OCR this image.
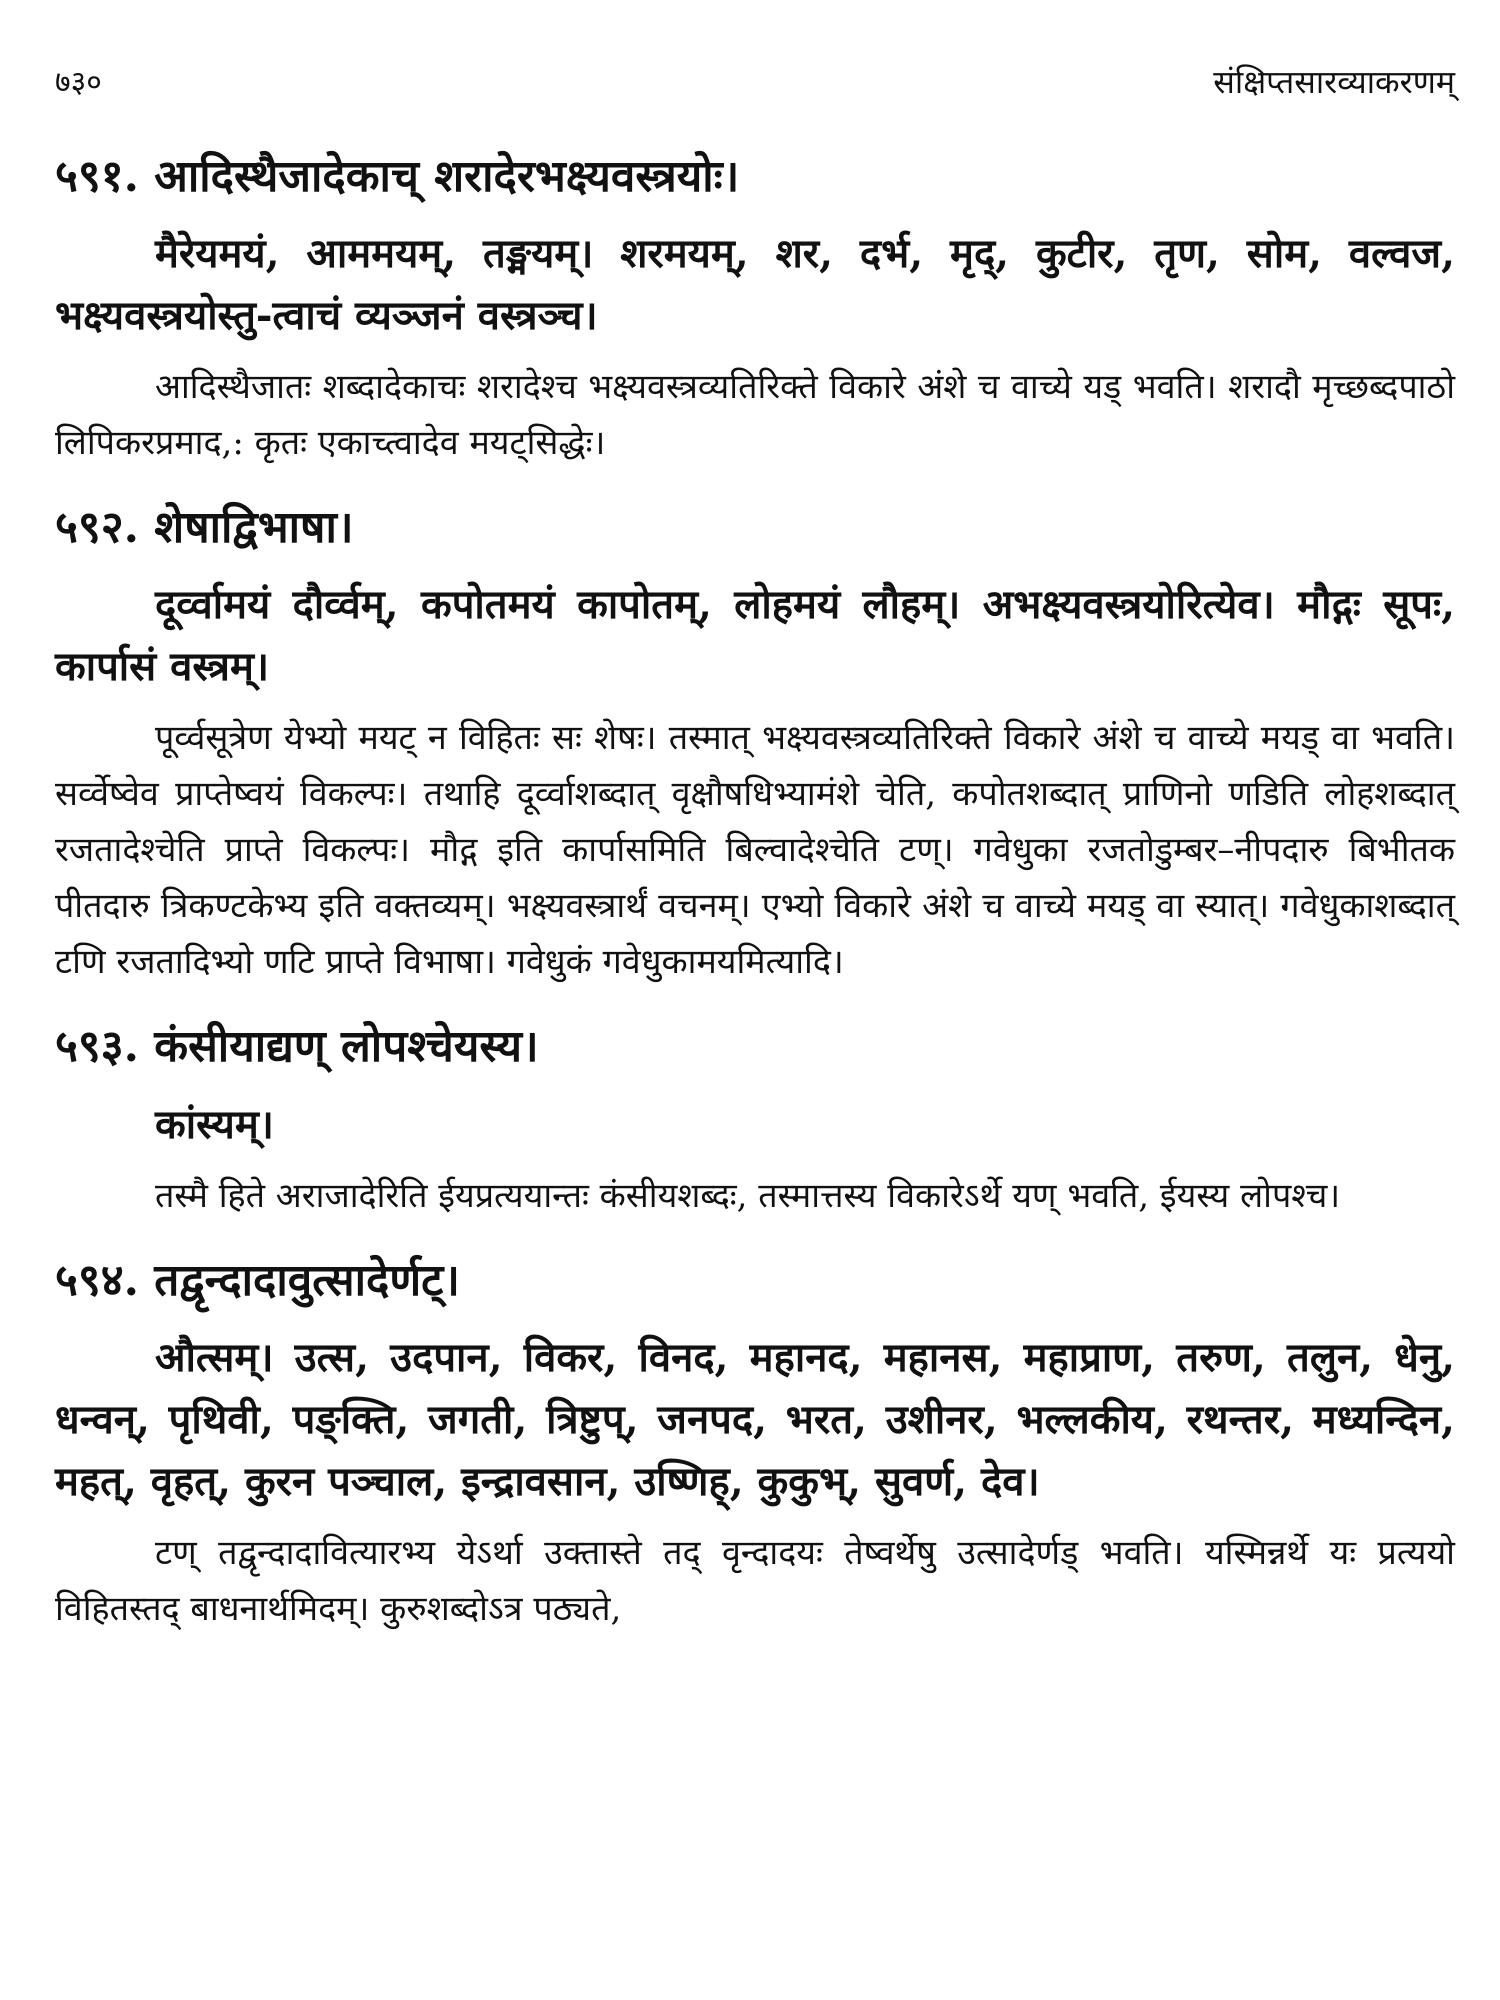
७३०	संक्षिप्तसारव्याकरणम्

५९१. आदिस्थैजादेकाच् शरादेरभक्ष्यवस्त्रयोः।

मैरेयमयं, आममयम्, तङ्मयम्। शरमयम्, शर, दर्भ, मृद्, कुटीर, तृण, सोम, वल्वज, भक्ष्यवस्त्रयोस्तु-त्वाचं व्यञ्जनं वस्त्रञ्च।

आदिस्थैजातः शब्दादेकाचः शरादेश्च भक्ष्यवस्त्रव्यतिरिक्ते विकारे अंशे च वाच्ये यड् भवति। शरादौ मृच्छब्दपाठो लिपिकरप्रमाद,: कृतः एकाच्त्वादेव मयट्सिद्धेः।

५९२. शेषाद्विभाषा।

दूर्व्वामयं दौर्व्वम्, कपोतमयं कापोतम्, लोहमयं लौहम्। अभक्ष्यवस्त्रयोरित्येव। मौद्गः सूपः, कार्पासं वस्त्रम्।

पूर्व्वसूत्रेण येभ्यो मयट् न विहितः सः शेषः। तस्मात् भक्ष्यवस्त्रव्यतिरिक्ते विकारे अंशे च वाच्ये मयड् वा भवति। सर्व्वेष्वेव प्राप्तेष्वयं विकल्पः। तथाहि दूर्व्वाशब्दात् वृक्षौषधिभ्यामंशे चेति, कपोतशब्दात् प्राणिनो णडिति लोहशब्दात् रजतादेश्चेति प्राप्ते विकल्पः। मौद्ग इति कार्पासमिति बिल्वादेश्चेति टण्। गवेधुका रजतोडुम्बर–नीपदारु बिभीतक पीतदारु त्रिकण्टकेभ्य इति वक्तव्यम्। भक्ष्यवस्त्रार्थं वचनम्। एभ्यो विकारे अंशे च वाच्ये मयड् वा स्यात्। गवेधुकाशब्दात् टणि रजतादिभ्यो णटि प्राप्ते विभाषा। गवेधुकं गवेधुकामयमित्यादि।

५९३. कंसीयाद्यण् लोपश्चेयस्य।

कांस्यम्।

तस्मै हिते अराजादेरिति ईयप्रत्ययान्तः कंसीयशब्दः, तस्मात्तस्य विकारेऽर्थे यण् भवति, ईयस्य लोपश्च।

५९४. तद्वृन्दादावुत्सादेर्णट्।

औत्सम्। उत्स, उदपान, विकर, विनद, महानद, महानस, महाप्राण, तरुण, तलुन, धेनु, धन्वन्, पृथिवी, पङ्क्ति, जगती, त्रिष्टुप्, जनपद, भरत, उशीनर, भल्लकीय, रथन्तर, मध्यन्दिन, महत्, वृहत्, कुरन पञ्चाल, इन्द्रावसान, उष्णिह्, कुकुभ्, सुवर्ण, देव।

टण् तद्वृन्दादावित्यारभ्य येऽर्था उक्तास्ते तद् वृन्दादयः तेष्वर्थेषु उत्सादेर्णड् भवति। यस्मिन्नर्थे यः प्रत्ययो विहितस्तद् बाधनार्थमिदम्। कुरुशब्दोऽत्र पठ्यते,
